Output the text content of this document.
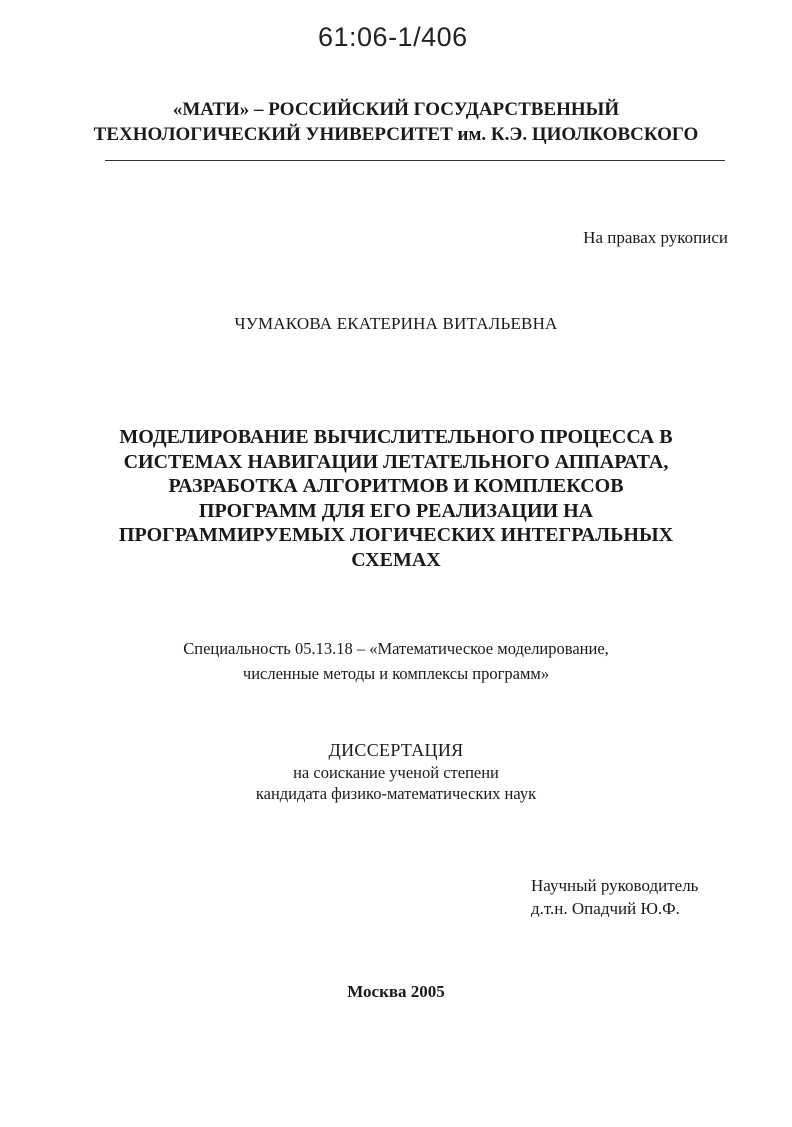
61:06-1/406
«МАТИ» – РОССИЙСКИЙ ГОСУДАРСТВЕННЫЙ
ТЕХНОЛОГИЧЕСКИЙ УНИВЕРСИТЕТ им. К.Э. ЦИОЛКОВСКОГО
На правах рукописи
ЧУМАКОВА ЕКАТЕРИНА ВИТАЛЬЕВНА
МОДЕЛИРОВАНИЕ ВЫЧИСЛИТЕЛЬНОГО ПРОЦЕССА В
СИСТЕМАХ НАВИГАЦИИ ЛЕТАТЕЛЬНОГО АППАРАТА,
РАЗРАБОТКА АЛГОРИТМОВ И КОМПЛЕКСОВ
ПРОГРАММ ДЛЯ ЕГО РЕАЛИЗАЦИИ НА
ПРОГРАММИРУЕМЫХ ЛОГИЧЕСКИХ ИНТЕГРАЛЬНЫХ
СХЕМАХ
Специальность 05.13.18 – «Математическое моделирование,
численные методы и комплексы программ»
ДИССЕРТАЦИЯ
на соискание ученой степени
кандидата физико-математических наук
Научный руководитель
д.т.н. Опадчий Ю.Ф.
Москва 2005
